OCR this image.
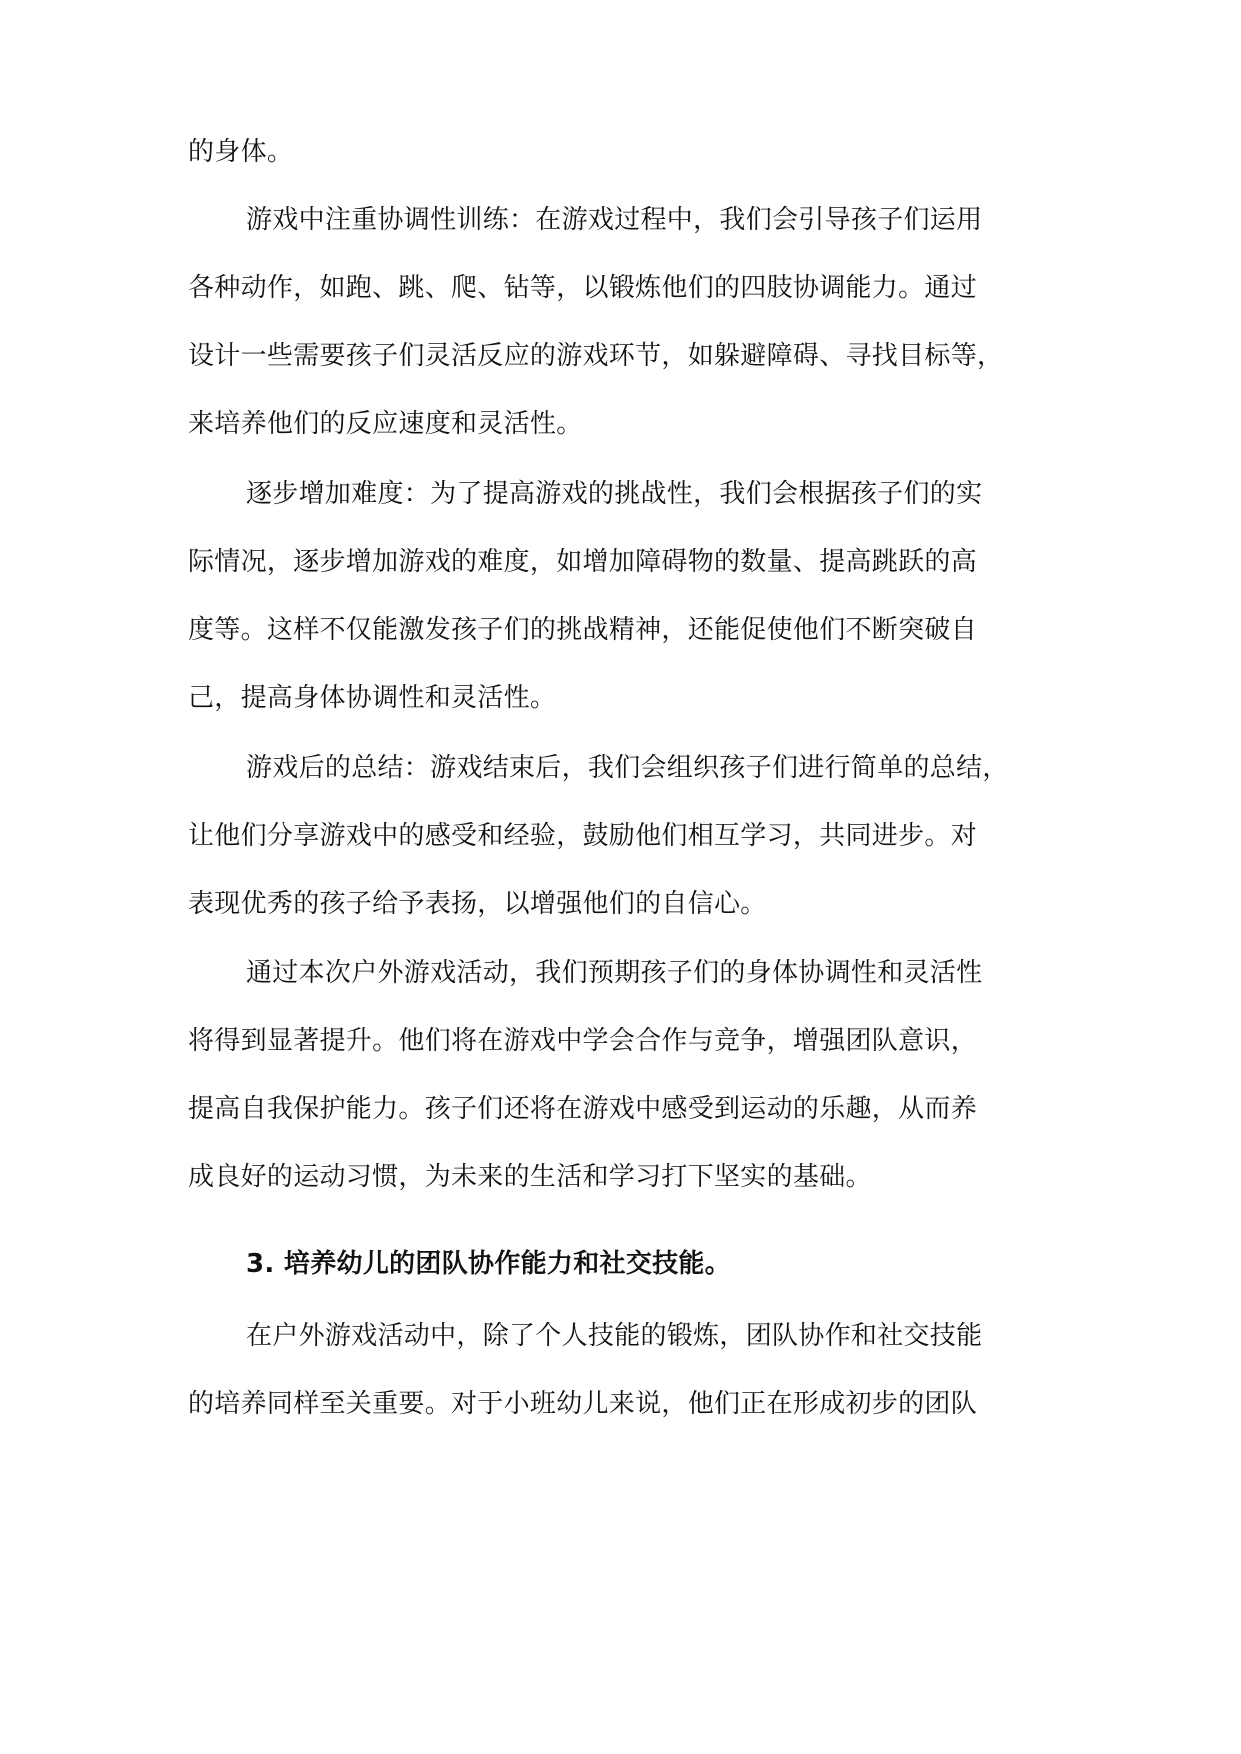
的身体。
游戏中注重协调性训练：在游戏过程中，我们会引导孩子们运用
各种动作，如跑、跳、爬、钻等，以锻炼他们的四肢协调能力。通过
设计一些需要孩子们灵活反应的游戏环节，如躲避障碍、寻找目标等，
来培养他们的反应速度和灵活性。
逐步增加难度：为了提高游戏的挑战性，我们会根据孩子们的实
际情况，逐步增加游戏的难度，如增加障碍物的数量、提高跳跃的高
度等。这样不仅能激发孩子们的挑战精神，还能促使他们不断突破自
己，提高身体协调性和灵活性。
游戏后的总结：游戏结束后，我们会组织孩子们进行简单的总结，
让他们分享游戏中的感受和经验，鼓励他们相互学习，共同进步。对
表现优秀的孩子给予表扬，以增强他们的自信心。
通过本次户外游戏活动，我们预期孩子们的身体协调性和灵活性
将得到显著提升。他们将在游戏中学会合作与竞争，增强团队意识，
提高自我保护能力。孩子们还将在游戏中感受到运动的乐趣，从而养
成良好的运动习惯，为未来的生活和学习打下坚实的基础。
3. 培养幼儿的团队协作能力和社交技能。
在户外游戏活动中，除了个人技能的锻炼，团队协作和社交技能
的培养同样至关重要。对于小班幼儿来说，他们正在形成初步的团队
